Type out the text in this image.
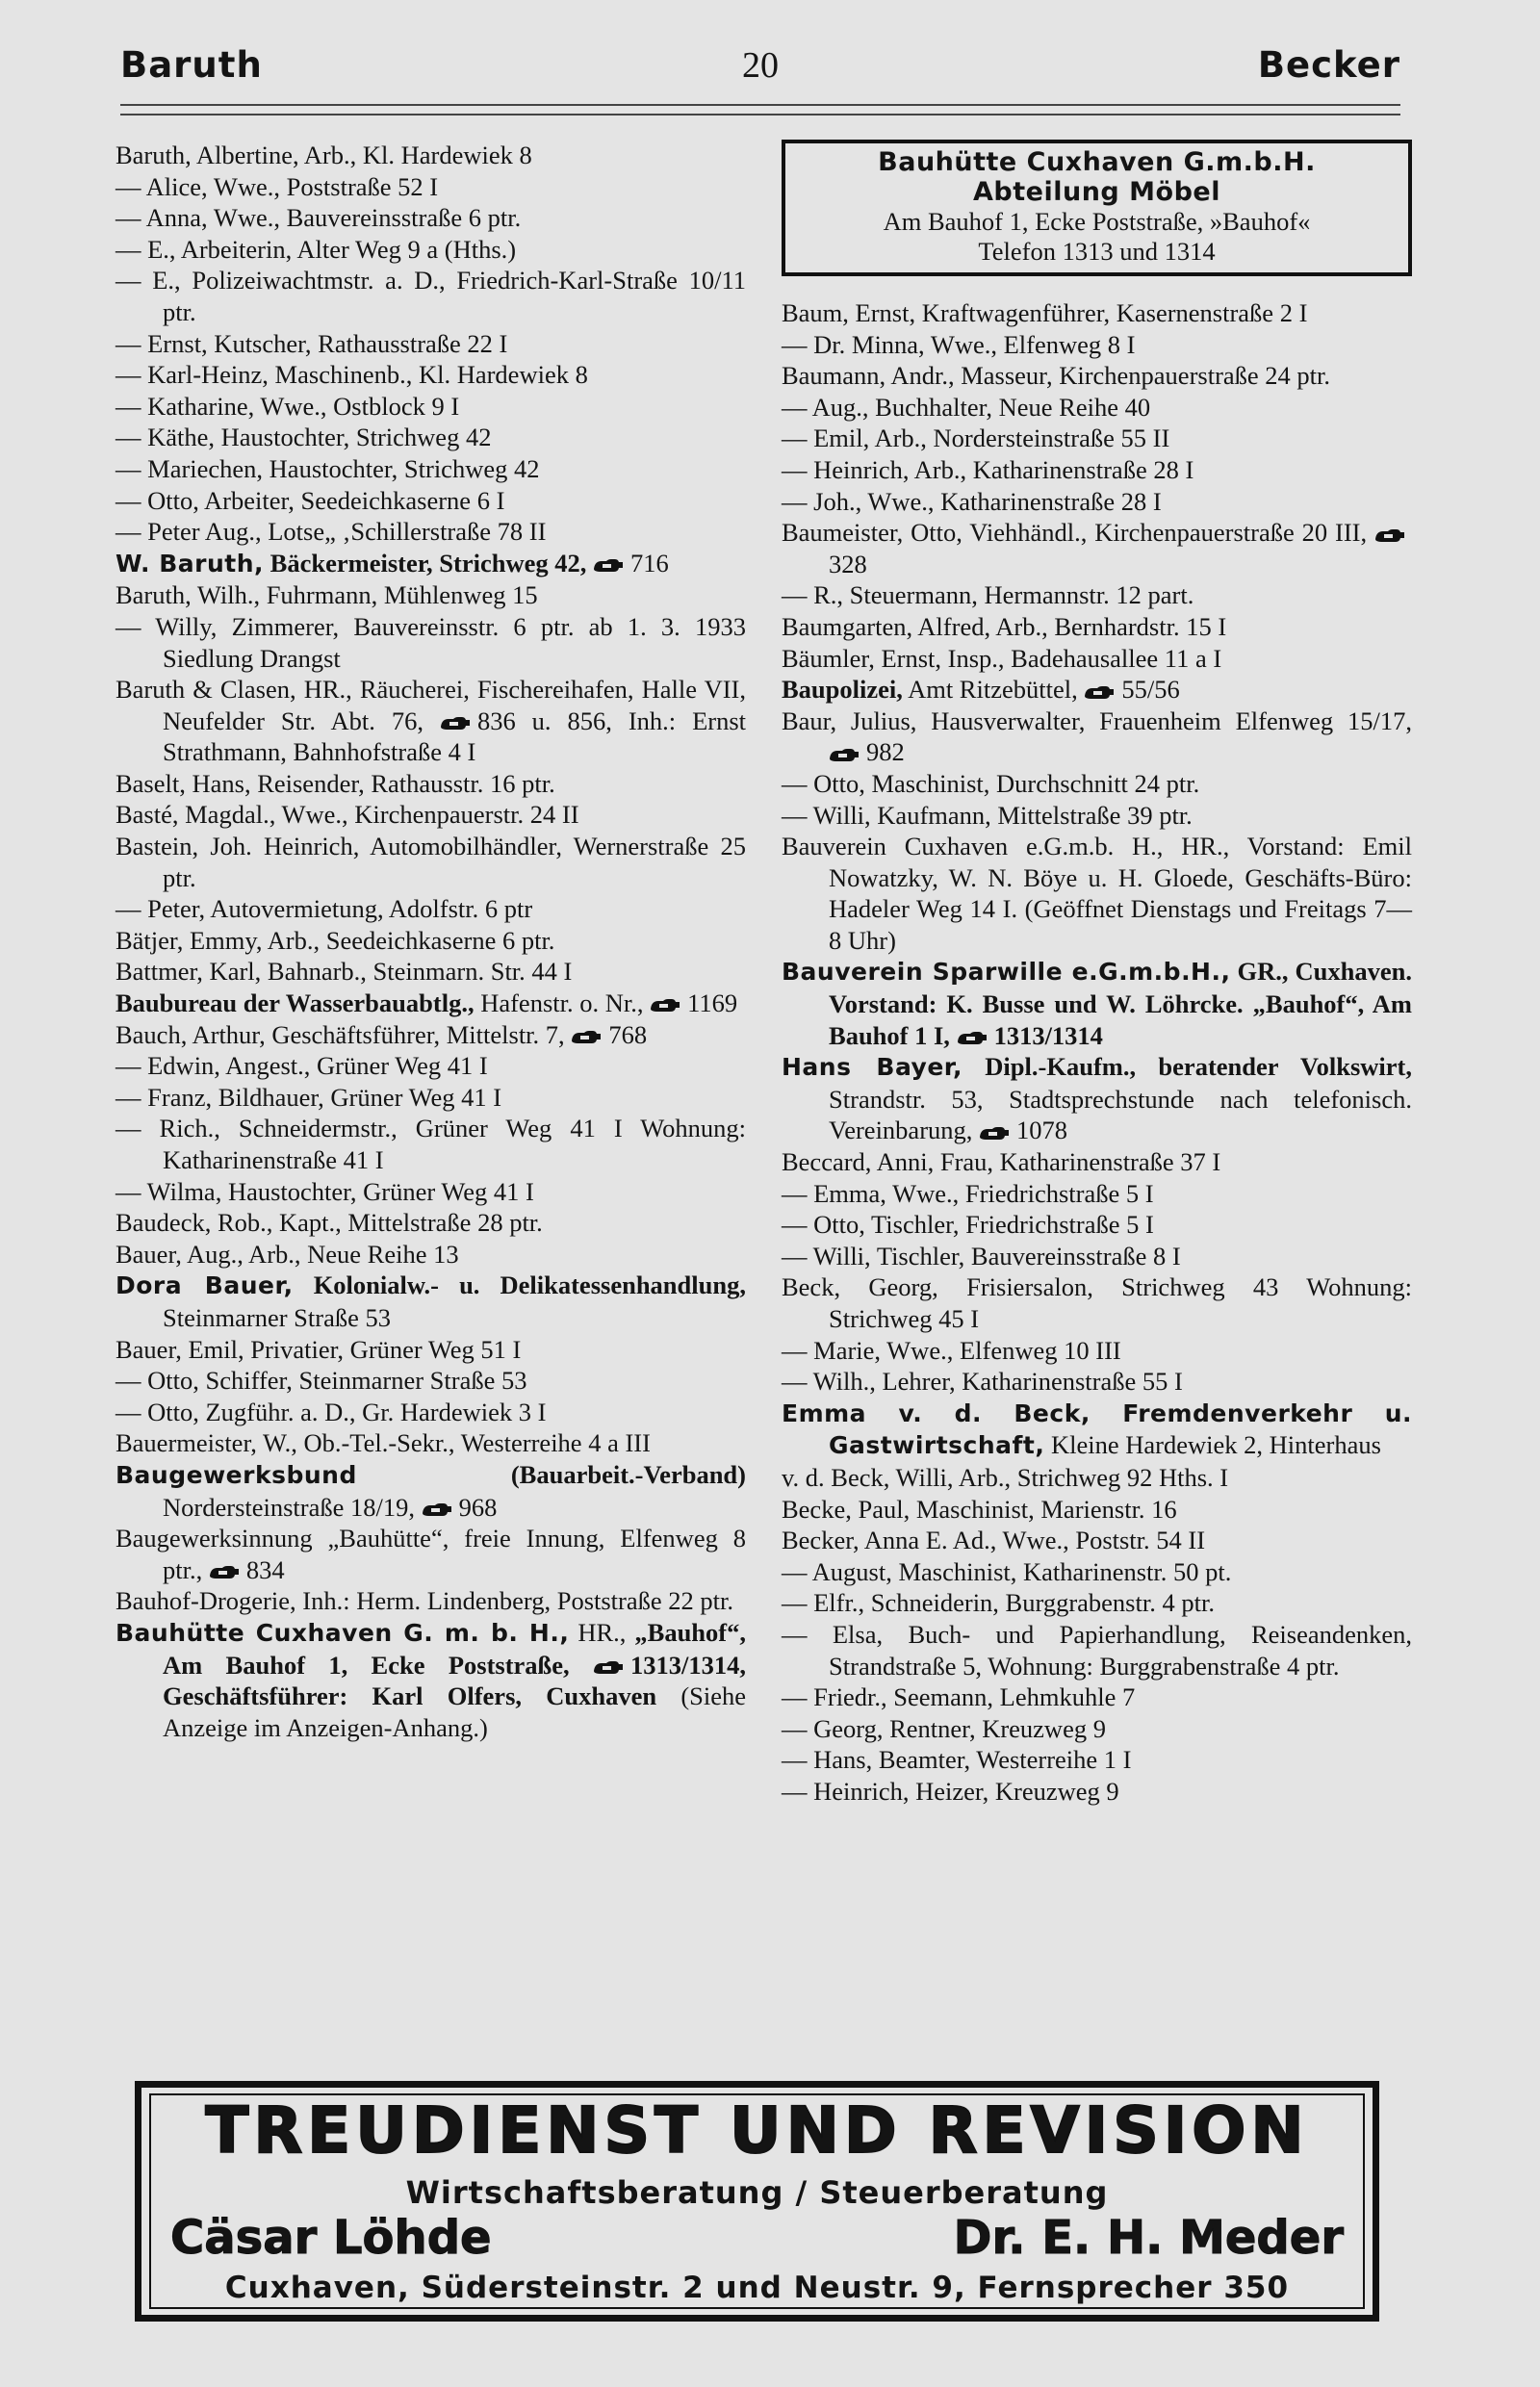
Baruth	20	Becker
Baruth, Albertine, Arb., Kl. Hardewiek 8
— Alice, Wwe., Poststraße 52 I
— Anna, Wwe., Bauvereinsstraße 6 ptr.
— E., Arbeiterin, Alter Weg 9 a (Hths.)
— E., Polizeiwachtmstr. a. D., Friedrich-Karl-Straße 10/11 ptr.
— Ernst, Kutscher, Rathausstraße 22 I
— Karl-Heinz, Maschinenb., Kl. Hardewiek 8
— Katharine, Wwe., Ostblock 9 I
— Käthe, Haustochter, Strichweg 42
— Mariechen, Haustochter, Strichweg 42
— Otto, Arbeiter, Seedeichkaserne 6 I
— Peter Aug., Lotse„ ‚Schillerstraße 78 II
W. Baruth, Bäckermeister, Strichweg 42, 716
Baruth, Wilh., Fuhrmann, Mühlenweg 15
— Willy, Zimmerer, Bauvereinsstr. 6 ptr. ab 1. 3. 1933 Siedlung Drangst
Baruth & Clasen, HR., Räucherei, Fischereihafen, Halle VII, Neufelder Str. Abt. 76, 836 u. 856, Inh.: Ernst Strathmann, Bahnhofstraße 4 I
Baselt, Hans, Reisender, Rathausstr. 16 ptr.
Basté, Magdal., Wwe., Kirchenpauerstr. 24 II
Bastein, Joh. Heinrich, Automobilhändler, Wernerstraße 25 ptr.
— Peter, Autovermietung, Adolfstr. 6 ptr
Bätjer, Emmy, Arb., Seedeichkaserne 6 ptr.
Battmer, Karl, Bahnarb., Steinmarn. Str. 44 I
Baubureau der Wasserbauabtlg., Hafenstr. o. Nr., 1169
Bauch, Arthur, Geschäftsführer, Mittelstr. 7, 768
— Edwin, Angest., Grüner Weg 41 I
— Franz, Bildhauer, Grüner Weg 41 I
— Rich., Schneidermstr., Grüner Weg 41 I Wohnung: Katharinenstraße 41 I
— Wilma, Haustochter, Grüner Weg 41 I
Baudeck, Rob., Kapt., Mittelstraße 28 ptr.
Bauer, Aug., Arb., Neue Reihe 13
Dora Bauer, Kolonialw.- u. Delikatessenhandlung, Steinmarner Straße 53
Bauer, Emil, Privatier, Grüner Weg 51 I
— Otto, Schiffer, Steinmarner Straße 53
— Otto, Zugführ. a. D., Gr. Hardewiek 3 I
Bauermeister, W., Ob.-Tel.-Sekr., Westerreihe 4 a III
Baugewerksbund	(Bauarbeit.-Verband) Nordersteinstraße 18/19, 968
Baugewerksinnung „Bauhütte“, freie Innung, Elfenweg 8 ptr., 834
Bauhof-Drogerie, Inh.: Herm. Lindenberg, Poststraße 22 ptr.
Bauhütte Cuxhaven G. m. b. H., HR., „Bauhof“, Am Bauhof 1, Ecke Poststraße, 1313/1314, Geschäftsführer: Karl Olfers, Cuxhaven (Siehe Anzeige im Anzeigen-Anhang.)
Bauhütte Cuxhaven G.m.b.H.
Abteilung Möbel
Am Bauhof 1, Ecke Poststraße, »Bauhof«
Telefon 1313 und 1314
Baum, Ernst, Kraftwagenführer, Kasernenstraße 2 I
— Dr. Minna, Wwe., Elfenweg 8 I
Baumann, Andr., Masseur, Kirchenpauerstraße 24 ptr.
— Aug., Buchhalter, Neue Reihe 40
— Emil, Arb., Nordersteinstraße 55 II
— Heinrich, Arb., Katharinenstraße 28 I
— Joh., Wwe., Katharinenstraße 28 I
Baumeister, Otto, Viehhändl., Kirchenpauerstraße 20 III, 328
— R., Steuermann, Hermannstr. 12 part.
Baumgarten, Alfred, Arb., Bernhardstr. 15 I
Bäumler, Ernst, Insp., Badehausallee 11 a I
Baupolizei, Amt Ritzebüttel, 55/56
Baur, Julius, Hausverwalter, Frauenheim Elfenweg 15/17, 982
— Otto, Maschinist, Durchschnitt 24 ptr.
— Willi, Kaufmann, Mittelstraße 39 ptr.
Bauverein Cuxhaven e.G.m.b. H., HR., Vorstand: Emil Nowatzky, W. N. Böye u. H. Gloede, Geschäfts-Büro: Hadeler Weg 14 I. (Geöffnet Dienstags und Freitags 7—8 Uhr)
Bauverein Sparwille e.G.m.b.H., GR., Cuxhaven. Vorstand: K. Busse und W. Löhrcke. „Bauhof“, Am Bauhof 1 I, 1313/1314
Hans Bayer, Dipl.-Kaufm., beratender Volkswirt, Strandstr. 53, Stadtsprechstunde nach telefonisch. Vereinbarung, 1078
Beccard, Anni, Frau, Katharinenstraße 37 I
— Emma, Wwe., Friedrichstraße 5 I
— Otto, Tischler, Friedrichstraße 5 I
— Willi, Tischler, Bauvereinsstraße 8 I
Beck, Georg, Frisiersalon, Strichweg 43 Wohnung: Strichweg 45 I
— Marie, Wwe., Elfenweg 10 III
— Wilh., Lehrer, Katharinenstraße 55 I
Emma v. d. Beck, Fremdenverkehr u. Gastwirtschaft, Kleine Hardewiek 2, Hinterhaus
v. d. Beck, Willi, Arb., Strichweg 92 Hths. I
Becke, Paul, Maschinist, Marienstr. 16
Becker, Anna E. Ad., Wwe., Poststr. 54 II
— August, Maschinist, Katharinenstr. 50 pt.
— Elfr., Schneiderin, Burggrabenstr. 4 ptr.
— Elsa, Buch- und Papierhandlung, Reiseandenken, Strandstraße 5, Wohnung: Burggrabenstraße 4 ptr.
— Friedr., Seemann, Lehmkuhle 7
— Georg, Rentner, Kreuzweg 9
— Hans, Beamter, Westerreihe 1 I
— Heinrich, Heizer, Kreuzweg 9
TREUDIENST UND REVISION
Wirtschaftsberatung / Steuerberatung
Cäsar Löhde	Dr. E. H. Meder
Cuxhaven, Südersteinstr. 2 und Neustr. 9, Fernsprecher 350
